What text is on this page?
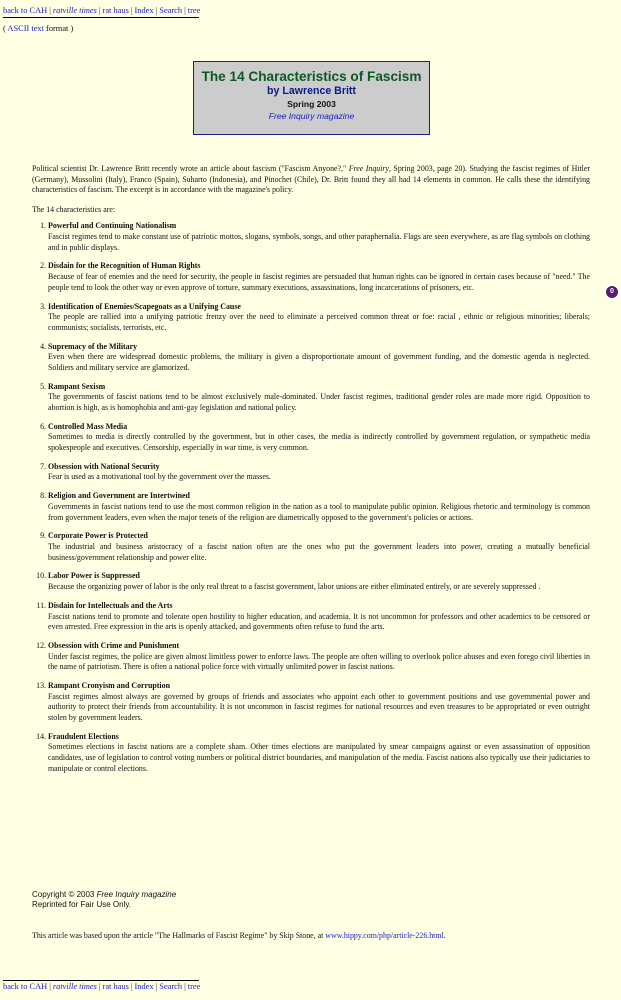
back to CAH | ratville times | rat haus | Index | Search | tree
( ASCII text format )
The 14 Characteristics of Fascism
by Lawrence Britt
Spring 2003
Free Inquiry magazine

Political scientist Dr. Lawrence Britt recently wrote an article about fascism ("Fascism Anyone?," Free Inquiry, Spring 2003, page 20). Studying the fascist regimes of Hitler (Germany), Mussolini (Italy), Franco (Spain), Suharto (Indonesia), and Pinochet (Chile), Dr. Britt found they all had 14 elements in common. He calls these the identifying characteristics of fascism. The excerpt is in accordance with the magazine's policy.

The 14 characteristics are:
1. Powerful and Continuing Nationalism
Fascist regimes tend to make constant use of patriotic mottos, slogans, symbols, songs, and other paraphernalia. Flags are seen everywhere, as are flag symbols on clothing and in public displays.
2. Disdain for the Recognition of Human Rights
Because of fear of enemies and the need for security, the people in fascist regimes are persuaded that human rights can be ignored in certain cases because of "need." The people tend to look the other way or even approve of torture, summary executions, assassinations, long incarcerations of prisoners, etc.
3. Identification of Enemies/Scapegoats as a Unifying Cause
The people are rallied into a unifying patriotic frenzy over the need to eliminate a perceived common threat or foe: racial , ethnic or religious minorities; liberals; communists; socialists, terrorists, etc.
4. Supremacy of the Military
Even when there are widespread domestic problems, the military is given a disproportionate amount of government funding, and the domestic agenda is neglected. Soldiers and military service are glamorized.
5. Rampant Sexism
The governments of fascist nations tend to be almost exclusively male-dominated. Under fascist regimes, traditional gender roles are made more rigid. Opposition to abortion is high, as is homophobia and anti-gay legislation and national policy.
6. Controlled Mass Media
Sometimes to media is directly controlled by the government, but in other cases, the media is indirectly controlled by government regulation, or sympathetic media spokespeople and executives. Censorship, especially in war time, is very common.
7. Obsession with National Security
Fear is used as a motivational tool by the government over the masses.
8. Religion and Government are Intertwined
Governments in fascist nations tend to use the most common religion in the nation as a tool to manipulate public opinion. Religious rhetoric and terminology is common from government leaders, even when the major tenets of the religion are diametrically opposed to the government's policies or actions.
9. Corporate Power is Protected
The industrial and business aristocracy of a fascist nation often are the ones who put the government leaders into power, creating a mutually beneficial business/government relationship and power elite.
10. Labor Power is Suppressed
Because the organizing power of labor is the only real threat to a fascist government, labor unions are either eliminated entirely, or are severely suppressed .
11. Disdain for Intellectuals and the Arts
Fascist nations tend to promote and tolerate open hostility to higher education, and academia. It is not uncommon for professors and other academics to be censored or even arrested. Free expression in the arts is openly attacked, and governments often refuse to fund the arts.
12. Obsession with Crime and Punishment
Under fascist regimes, the police are given almost limitless power to enforce laws. The people are often willing to overlook police abuses and even forego civil liberties in the name of patriotism. There is often a national police force with virtually unlimited power in fascist nations.
13. Rampant Cronyism and Corruption
Fascist regimes almost always are governed by groups of friends and associates who appoint each other to government positions and use governmental power and authority to protect their friends from accountability. It is not uncommon in fascist regimes for national resources and even treasures to be appropriated or even outright stolen by government leaders.
14. Fraudulent Elections
Sometimes elections in fascist nations are a complete sham. Other times elections are manipulated by smear campaigns against or even assassination of opposition candidates, use of legislation to control voting numbers or political district boundaries, and manipulation of the media. Fascist nations also typically use their judiciaries to manipulate or control elections.
Copyright © 2003 Free Inquiry magazine
Reprinted for Fair Use Only.
This article was based upon the article "The Hallmarks of Fascist Regime" by Skip Stone, at www.hippy.com/php/article-226.html.
back to CAH | ratville times | rat haus | Index | Search | tree
0
